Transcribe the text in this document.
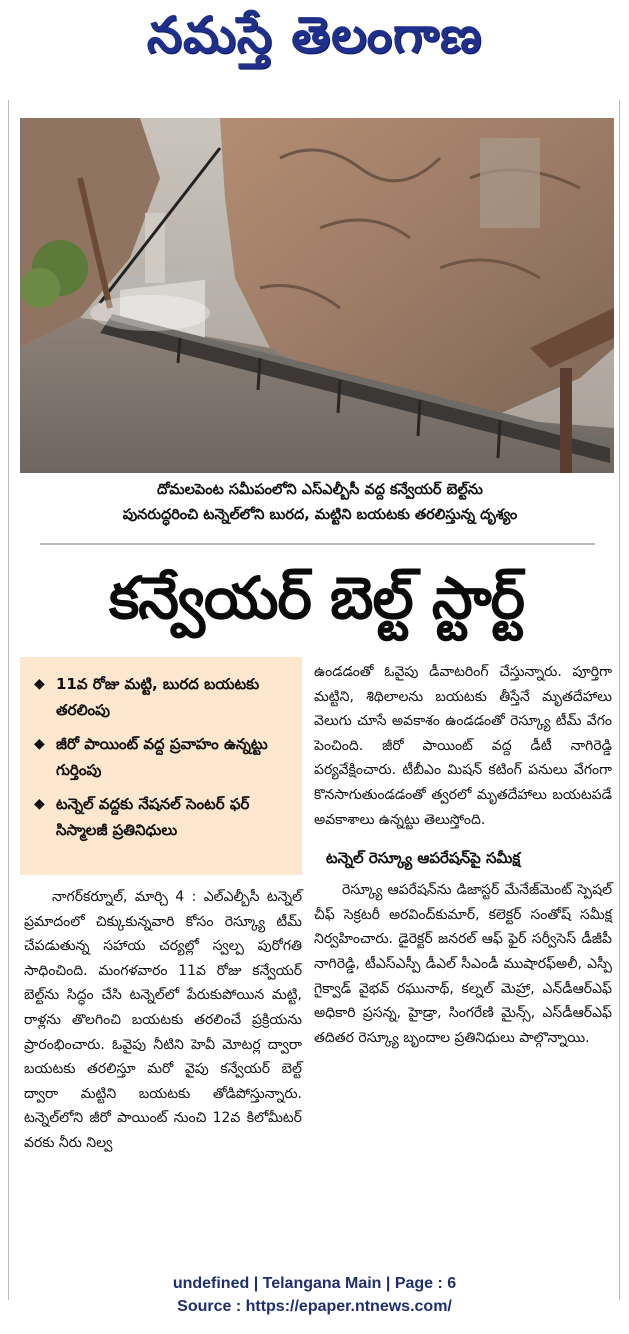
నమస్తే తెలంగాణ
దోమలపెంట సమీపంలోని ఎస్ఎల్బీసీ వద్ద కన్వేయర్ బెల్ట్‌ను
పునరుద్ధరించి టన్నెల్‌లోని బురద, మట్టిని బయటకు తరలిస్తున్న దృశ్యం
కన్వేయర్ బెల్ట్ స్టార్ట్
◆ 11వ రోజు మట్టి, బురద బయటకు తరలింపు
◆ జీరో పాయింట్ వద్ద ప్రవాహం ఉన్నట్టు గుర్తింపు
◆ టన్నెల్ వద్దకు నేషనల్ సెంటర్ ఫర్ సిస్మాలజీ ప్రతినిధులు

నాగర్‌కర్నూల్, మార్చి 4 : ఎల్ఎల్బీసీ టన్నెల్ ప్రమాదంలో చిక్కుకున్నవారి కోసం రెస్క్యూ టీమ్ చేపడుతున్న సహాయ చర్యల్లో స్వల్ప పురోగతి సాధించింది. మంగళవారం 11వ రోజు కన్వేయర్ బెల్ట్‌ను సిద్ధం చేసి టన్నెల్‌లో పేరుకుపోయిన మట్టి, రాళ్లను తొలగించి బయటకు తరలించే ప్రక్రియను ప్రారంభించారు. ఓవైపు నీటిని హెవీ మోటర్ల ద్వారా బయటకు తరలిస్తూ మరో వైపు కన్వేయర్ బెల్ట్ ద్వారా మట్టిని బయటకు తోడిపోస్తున్నారు. టన్నెల్‌లోని జీరో పాయింట్ నుంచి 12వ కిలోమీటర్ వరకు నీరు నిల్వ

ఉండడంతో ఓవైపు డీవాటరింగ్ చేస్తున్నారు. పూర్తిగా మట్టిని, శిథిలాలను బయటకు తీస్తేనే మృతదేహాలు వెలుగు చూసే అవకాశం ఉండడంతో రెస్క్యూ టీమ్ వేగం పెంచింది. జీరో పాయింట్ వద్ద డీటీ నాగిరెడ్డి పర్యవేక్షించారు. టీబీఎం మిషన్ కటింగ్ పనులు వేగంగా కొనసాగుతుండడంతో త్వరలో మృతదేహాలు బయటపడే అవకాశాలు ఉన్నట్టు తెలుస్తోంది.

టన్నెల్ రెస్క్యూ ఆపరేషన్‌పై సమీక్ష

రెస్క్యూ ఆపరేషన్‌ను డిజాస్టర్ మేనేజ్‌మెంట్ స్పెషల్ చీఫ్ సెక్రటరీ అరవింద్‌కుమార్, కలెక్టర్ సంతోష్ సమీక్ష నిర్వహించారు. డైరెక్టర్ జనరల్ ఆఫ్ ఫైర్ సర్వీసెస్ డీజీపీ నాగిరెడ్డి, టీఎస్ఎస్పీ డీఎల్ సీఎండీ ముషారఫ్అలీ, ఎస్పీ గైక్వాడ్ వైభవ్ రఘునాథ్, కల్నల్ మెహ్రా, ఎన్‌డీఆర్ఎఫ్ అధికారి ప్రసన్న, హైడ్రా, సింగరేణి మైన్స్, ఎస్‌డీఆర్ఎఫ్ తదితర రెస్క్యూ బృందాల ప్రతినిధులు పాల్గొన్నాయి.

undefined | Telangana Main | Page : 6
Source : https://epaper.ntnews.com/
